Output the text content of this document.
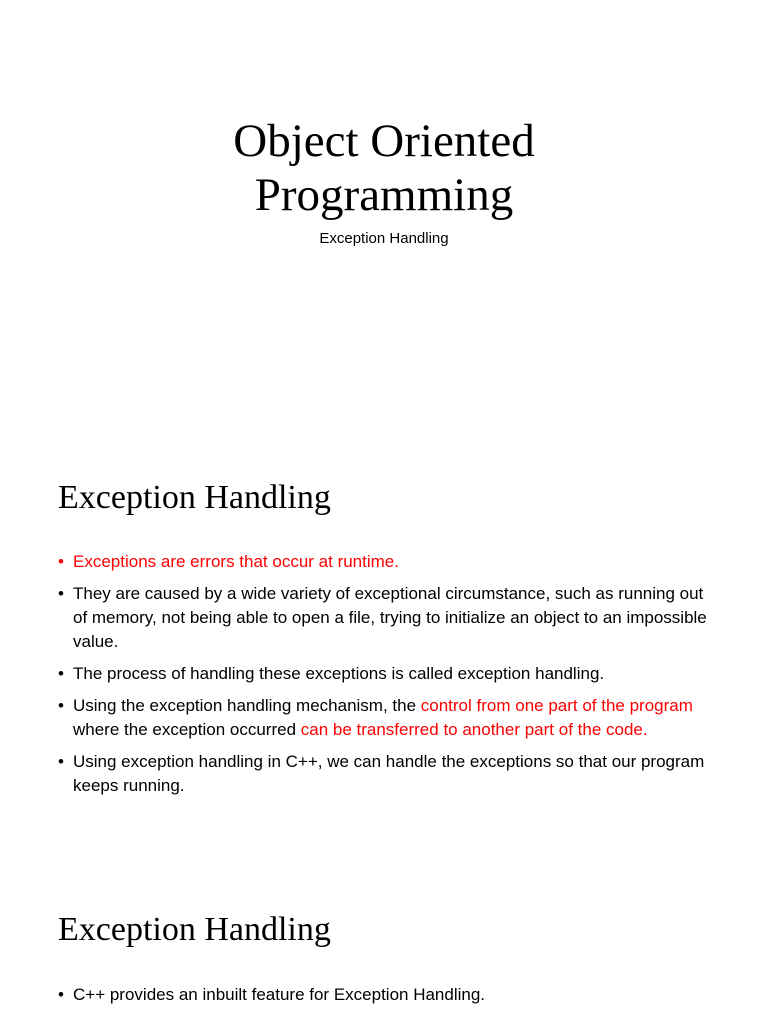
Object Oriented
Programming

Exception Handling

Exception Handling
• Exceptions are errors that occur at runtime.
• They are caused by a wide variety of exceptional circumstance, such as running out of memory, not being able to open a file, trying to initialize an object to an impossible value.
• The process of handling these exceptions is called exception handling.
• Using the exception handling mechanism, the control from one part of the program where the exception occurred can be transferred to another part of the code.
• Using exception handling in C++, we can handle the exceptions so that our program keeps running.
Exception Handling
• C++ provides an inbuilt feature for Exception Handling.
